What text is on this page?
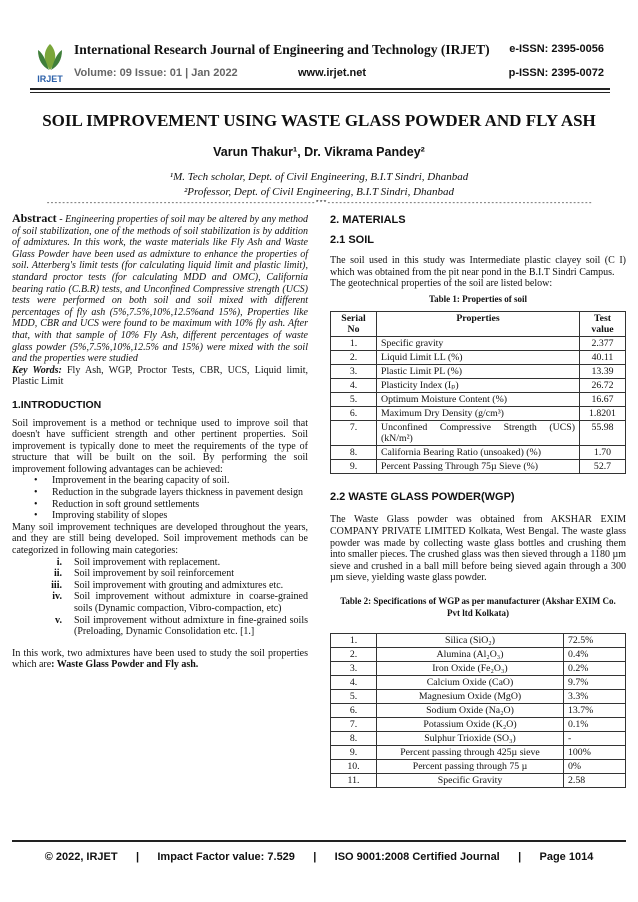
IRJET
International Research Journal of Engineering and Technology (IRJET) e-ISSN: 2395-0056
Volume: 09 Issue: 01 | Jan 2022	www.irjet.net	p-ISSN: 2395-0072
SOIL IMPROVEMENT USING WASTE GLASS POWDER AND FLY ASH
Varun Thakur¹, Dr. Vikrama Pandey²
¹M. Tech scholar, Dept. of Civil Engineering, B.I.T Sindri, Dhanbad
²Professor, Dept. of Civil Engineering, B.I.T Sindri, Dhanbad
---------------------------------------------------------------------***--------------------------------------------------------------------

Abstract - Engineering properties of soil may be altered by any method of soil stabilization, one of the methods of soil stabilization is by addition of admixtures. In this work, the waste materials like Fly Ash and Waste Glass Powder have been used as admixture to enhance the properties of soil. Atterberg's limit tests (for calculating liquid limit and plastic limit), standard proctor tests (for calculating MDD and OMC), California bearing ratio (C.B.R) tests, and Unconfined Compressive strength (UCS) tests were performed on both soil and soil mixed with different percentages of fly ash (5%,7.5%,10%,12.5%and 15%), Properties like MDD, CBR and UCS were found to be maximum with 10% fly ash. After that, with that sample of 10% Fly Ash, different percentages of waste glass powder (5%,7.5%,10%,12.5% and 15%) were mixed with the soil and the properties were studied

Key Words: Fly Ash, WGP, Proctor Tests, CBR, UCS, Liquid limit, Plastic Limit

1.INTRODUCTION

Soil improvement is a method or technique used to improve soil that doesn't have sufficient strength and other pertinent properties. Soil improvement is typically done to meet the requirements of the type of structure that will be built on the soil. By performing the soil improvement following advantages can be achieved:

• Improvement in the bearing capacity of soil.
• Reduction in the subgrade layers thickness in pavement design
• Reduction in soft ground settlements
• Improving stability of slopes

Many soil improvement techniques are developed throughout the years, and they are still being developed. Soil improvement methods can be categorized in following main categories:

i. Soil improvement with replacement.
ii. Soil improvement by soil reinforcement
iii. Soil improvement with grouting and admixtures etc.
iv. Soil improvement without admixture in coarse-grained soils (Dynamic compaction, Vibro-compaction, etc)
v. Soil improvement without admixture in fine-grained soils (Preloading, Dynamic Consolidation etc. [1.]

In this work, two admixtures have been used to study the soil properties which are: Waste Glass Powder and Fly ash.

2. MATERIALS
2.1 SOIL

The soil used in this study was Intermediate plastic clayey soil (C I) which was obtained from the pit near pond in the B.I.T Sindri Campus.

The geotechnical properties of the soil are listed below:

Table 1: Properties of soil
Serial No	Properties	Test value
1.	Specific gravity	2.377
2.	Liquid Limit LL (%)	40.11
3.	Plastic Limit PL (%)	13.39
4.	Plasticity Index (Iₚ)	26.72
5.	Optimum Moisture Content (%)	16.67
6.	Maximum Dry Density (g/cm³)	1.8201
7.	Unconfined Compressive Strength (UCS) (kN/m²)	55.98
8.	California Bearing Ratio (unsoaked) (%)	1.70
9.	Percent Passing Through 75µ Sieve (%)	52.7
2.2 WASTE GLASS POWDER(WGP)

The Waste Glass powder was obtained from AKSHAR EXIM COMPANY PRIVATE LIMITED Kolkata, West Bengal. The waste glass powder was made by collecting waste glass bottles and crushing them into smaller pieces. The crushed glass was then sieved through a 1180 µm sieve and crushed in a ball mill before being sieved again through a 300 µm sieve, yielding waste glass powder.

Table 2: Specifications of WGP as per manufacturer (Akshar EXIM Co. Pvt ltd Kolkata)
1.	Silica (SiO₂)	72.5%
2.	Alumina (Al₂O₃)	0.4%
3.	Iron Oxide (Fe₂O₃)	0.2%
4.	Calcium Oxide (CaO)	9.7%
5.	Magnesium Oxide (MgO)	3.3%
6.	Sodium Oxide (Na₂O)	13.7%
7.	Potassium Oxide (K₂O)	0.1%
8.	Sulphur Trioxide (SO₃)	-
9.	Percent passing through 425µ sieve	100%
10.	Percent passing through 75 µ	0%
11.	Specific Gravity	2.58
© 2022, IRJET      |      Impact Factor value: 7.529      |      ISO 9001:2008 Certified Journal      |      Page 1014
